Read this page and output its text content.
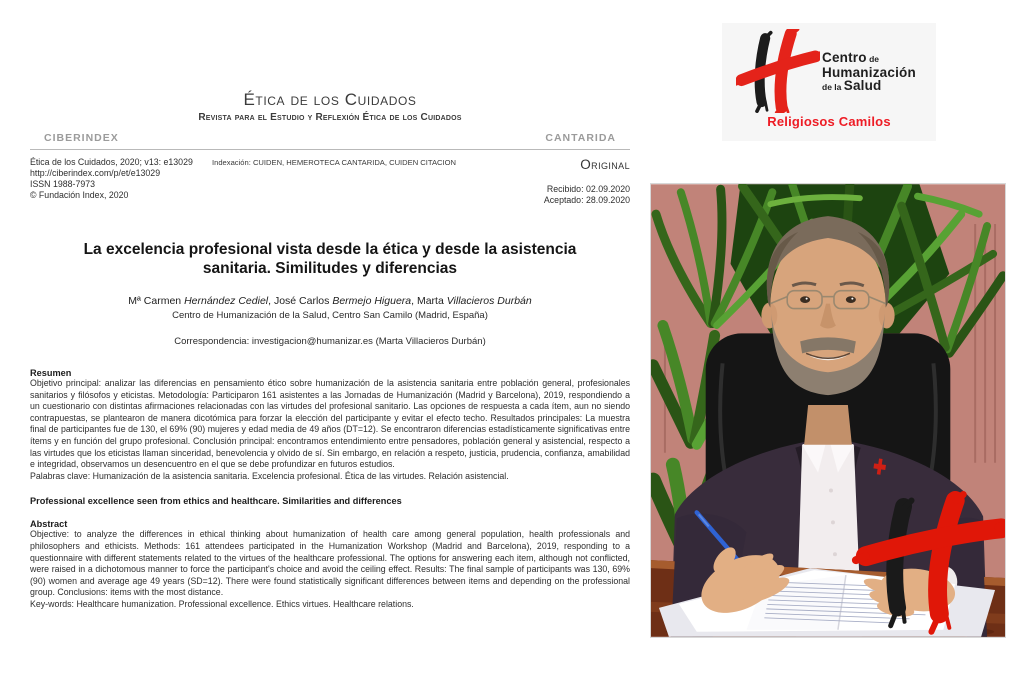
Ética de los Cuidados
Revista para el Estudio y Reflexión Ética de los Cuidados
CIBERINDEX	CANTARIDA
Ética de los Cuidados, 2020; v13: e13029
http://ciberindex.com/p/et/e13029
ISSN 1988-7973
© Fundación Index, 2020
Indexación: CUIDEN, HEMEROTECA CANTARIDA, CUIDEN CITACION	Original
Recibido: 02.09.2020
Aceptado: 28.09.2020
La excelencia profesional vista desde la ética y desde la asistencia sanitaria. Similitudes y diferencias
Mª Carmen Hernández Cediel, José Carlos Bermejo Higuera, Marta Villacieros Durbán
Centro de Humanización de la Salud, Centro San Camilo (Madrid, España)
Correspondencia: investigacion@humanizar.es (Marta Villacieros Durbán)
Resumen
Objetivo principal: analizar las diferencias en pensamiento ético sobre humanización de la asistencia sanitaria entre población general, profesionales sanitarios y filósofos y eticistas. Metodología: Participaron 161 asistentes a las Jornadas de Humanización (Madrid y Barcelona), 2019, respondiendo a un cuestionario con distintas afirmaciones relacionadas con las virtudes del profesional sanitario. Las opciones de respuesta a cada ítem, aun no siendo contrapuestas, se plantearon de manera dicotómica para forzar la elección del participante y evitar el efecto techo. Resultados principales: La muestra final de participantes fue de 130, el 69% (90) mujeres y edad media de 49 años (DT=12). Se encontraron diferencias estadísticamente significativas entre ítems y en función del grupo profesional. Conclusión principal: encontramos entendimiento entre pensadores, población general y asistencial, respecto a las virtudes que los eticistas llaman sinceridad, benevolencia y olvido de sí. Sin embargo, en relación a respeto, justicia, prudencia, confianza, amabilidad e integridad, observamos un desencuentro en el que se debe profundizar en futuros estudios.
Palabras clave: Humanización de la asistencia sanitaria. Excelencia profesional. Ética de las virtudes. Relación asistencial.
Professional excellence seen from ethics and healthcare. Similarities and differences
Abstract
Objective: to analyze the differences in ethical thinking about humanization of health care among general population, health professionals and philosophers and ethicists. Methods: 161 attendees participated in the Humanization Workshop (Madrid and Barcelona), 2019, responding to a questionnaire with different statements related to the virtues of the healthcare professional. The options for answering each item, although not conflicted, were raised in a dichotomous manner to force the participant's choice and avoid the ceiling effect. Results: The final sample of participants was 130, 69% (90) women and average age 49 years (SD=12). There were found statistically significant differences between items and depending on the professional group. Conclusions: items with the most distance.
Key-words: Healthcare humanization. Professional excellence. Ethics virtues. Healthcare relations.
Centro de
Humanización
de la Salud
Religiosos Camilos
